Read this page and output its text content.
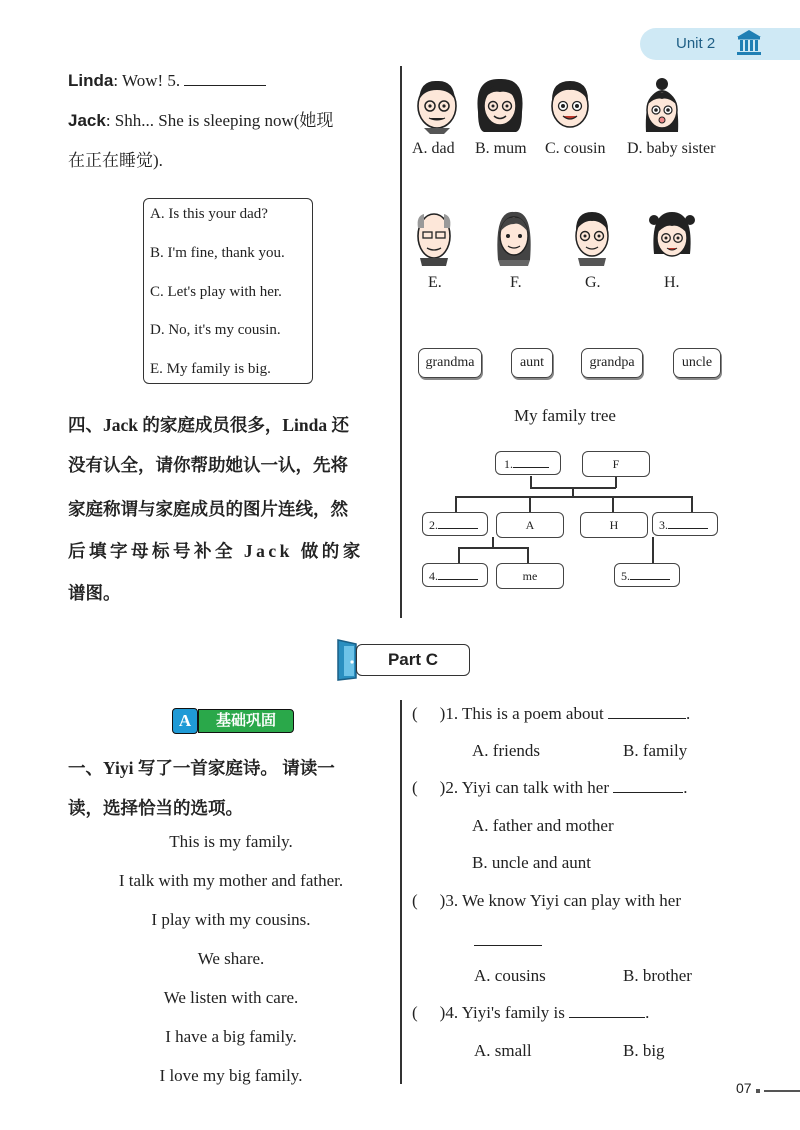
Unit 2
Linda: Wow! 5.
Jack: Shh... She is sleeping now(她现
在正在睡觉).
A. Is this your dad?
B. I'm fine, thank you.
C. Let's play with her.
D. No, it's my cousin.
E. My family is big.
四、Jack 的家庭成员很多，Linda 还
没有认全，请你帮助她认一认，先将
家庭称谓与家庭成员的图片连线，然
后填字母标号补全 Jack 做的家
谱图。
A. dad B. mum C. cousin D. baby sister
E.	F.	G.	H.
grandma	aunt	grandpa	uncle
My family tree
1.	F
2.	A	H	3.
4.	me	5.
Part C
A	基础巩固
一、Yiyi 写了一首家庭诗。 请读一
读，选择恰当的选项。
This is my family.
I talk with my mother and father.
I play with my cousins.
We share.
We listen with care.
I have a big family.
I love my big family.
( )1. This is a poem about	.
A. friends	B. family
( )2. Yiyi can talk with her	.
A. father and mother
B. uncle and aunt
( )3. We know Yiyi can play with her
A. cousins	B. brother
( )4. Yiyi's family is	.
A. small	B. big
07
